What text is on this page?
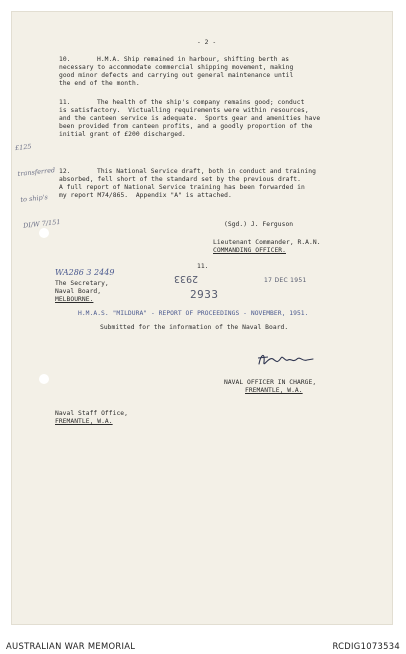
- 2 -
10.	H.M.A. Ship remained in harbour, shifting berth as
necessary to accommodate commercial shipping movement, making
good minor defects and carrying out general maintenance until
the end of the month.
11.	The health of the ship's company remains good; conduct
is satisfactory.  Victualling requirements were within resources,
and the canteen service is adequate.  Sports gear and amenities have
been provided from canteen profits, and a goodly proportion of the
initial grant of £200 discharged.

£125

transferred

to ship's

DI/W 7/151

12.	This National Service draft, both in conduct and training
absorbed, fell short of the standard set by the previous draft.
A full report of National Service training has been forwarded in
my report M74/865.  Appendix "A" is attached.
(Sgd.) J. Ferguson
Lieutenant Commander, R.A.N.
COMMANDING OFFICER.
11.
WA286 3 2449
The Secretary,
Naval Board,
MELBOURNE.
2933
2933
17 DEC 1951
H.M.A.S. "MILDURA" - REPORT OF PROCEEDINGS - NOVEMBER, 1951.
Submitted for the information of the Naval Board.
NAVAL OFFICER IN CHARGE,
FREMANTLE, W.A.
Naval Staff Office,
FREMANTLE, W.A.
AUSTRALIAN WAR MEMORIAL	RCDIG1073534
